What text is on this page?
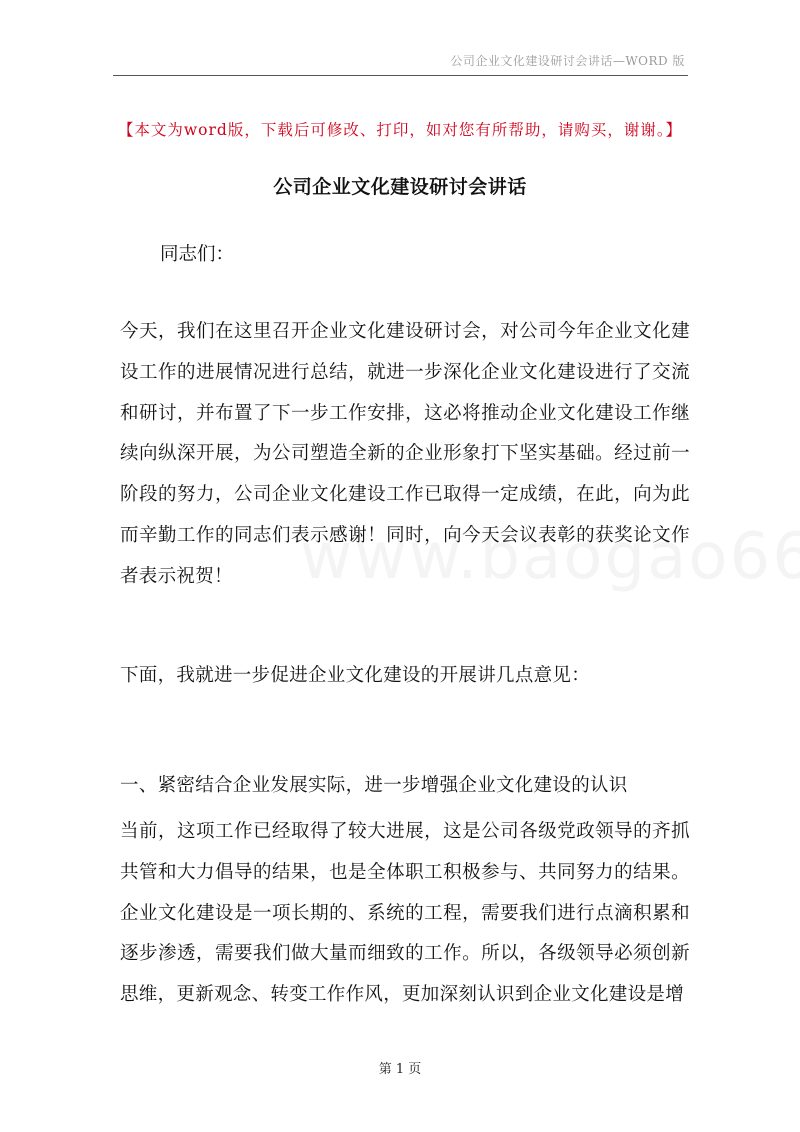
公司企业文化建设研讨会讲话—WORD 版
【本文为word版，下载后可修改、打印，如对您有所帮助，请购买，谢谢。】
公司企业文化建设研讨会讲话
同志们：

今天，我们在这里召开企业文化建设研讨会，对公司今年企业文化建设工作的进展情况进行总结，就进一步深化企业文化建设进行了交流和研讨，并布置了下一步工作安排，这必将推动企业文化建设工作继续向纵深开展，为公司塑造全新的企业形象打下坚实基础。经过前一阶段的努力，公司企业文化建设工作已取得一定成绩，在此，向为此而辛勤工作的同志们表示感谢！同时，向今天会议表彰的获奖论文作者表示祝贺！

下面，我就进一步促进企业文化建设的开展讲几点意见：

一、紧密结合企业发展实际，进一步增强企业文化建设的认识

当前，这项工作已经取得了较大进展，这是公司各级党政领导的齐抓共管和大力倡导的结果，也是全体职工积极参与、共同努力的结果。企业文化建设是一项长期的、系统的工程，需要我们进行点滴积累和逐步渗透，需要我们做大量而细致的工作。所以，各级领导必须创新思维，更新观念、转变工作作风，更加深刻认识到企业文化建设是增

第 1 页
